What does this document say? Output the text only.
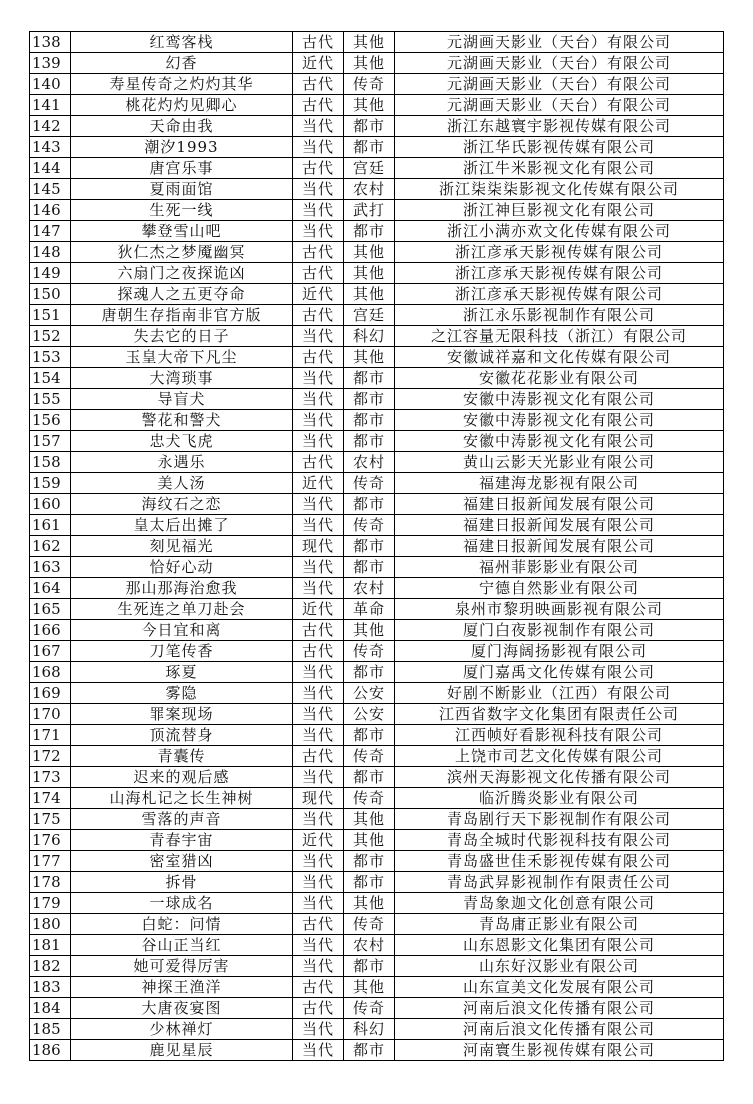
138	红鸾客栈	古代	其他	元湖画天影业（天台）有限公司
139	幻香	近代	其他	元湖画天影业（天台）有限公司
140	寿星传奇之灼灼其华	古代	传奇	元湖画天影业（天台）有限公司
141	桃花灼灼见卿心	古代	其他	元湖画天影业（天台）有限公司
142	天命由我	当代	都市	浙江东越寰宇影视传媒有限公司
143	潮汐1993	当代	都市	浙江华氏影视传媒有限公司
144	唐宫乐事	古代	宫廷	浙江牛米影视文化有限公司
145	夏雨面馆	当代	农村	浙江柒柒柒影视文化传媒有限公司
146	生死一线	当代	武打	浙江神巨影视文化有限公司
147	攀登雪山吧	当代	都市	浙江小满亦欢文化传媒有限公司
148	狄仁杰之梦魇幽冥	古代	其他	浙江彦承天影视传媒有限公司
149	六扇门之夜探诡凶	古代	其他	浙江彦承天影视传媒有限公司
150	探魂人之五更夺命	近代	其他	浙江彦承天影视传媒有限公司
151	唐朝生存指南非官方版	古代	宫廷	浙江永乐影视制作有限公司
152	失去它的日子	当代	科幻	之江容量无限科技（浙江）有限公司
153	玉皇大帝下凡尘	古代	其他	安徽诚祥嘉和文化传媒有限公司
154	大湾琐事	当代	都市	安徽花花影业有限公司
155	导盲犬	当代	都市	安徽中涛影视文化有限公司
156	警花和警犬	当代	都市	安徽中涛影视文化有限公司
157	忠犬飞虎	当代	都市	安徽中涛影视文化有限公司
158	永遇乐	古代	农村	黄山云影天光影业有限公司
159	美人汤	近代	传奇	福建海龙影视有限公司
160	海纹石之恋	当代	都市	福建日报新闻发展有限公司
161	皇太后出摊了	当代	传奇	福建日报新闻发展有限公司
162	刻见福光	现代	都市	福建日报新闻发展有限公司
163	恰好心动	当代	都市	福州菲影影业有限公司
164	那山那海治愈我	当代	农村	宁德自然影业有限公司
165	生死连之单刀赴会	近代	革命	泉州市黎玥映画影视有限公司
166	今日宜和离	古代	其他	厦门白夜影视制作有限公司
167	刀笔传香	古代	传奇	厦门海阔扬影视有限公司
168	琢夏	当代	都市	厦门嘉禹文化传媒有限公司
169	雾隐	当代	公安	好剧不断影业（江西）有限公司
170	罪案现场	当代	公安	江西省数字文化集团有限责任公司
171	顶流替身	当代	都市	江西帧好看影视科技有限公司
172	青囊传	古代	传奇	上饶市司艺文化传媒有限公司
173	迟来的观后感	当代	都市	滨州天海影视文化传播有限公司
174	山海札记之长生神树	现代	传奇	临沂腾炎影业有限公司
175	雪落的声音	当代	其他	青岛剧行天下影视制作有限公司
176	青春宇宙	近代	其他	青岛全城时代影视科技有限公司
177	密室猎凶	当代	都市	青岛盛世佳禾影视传媒有限公司
178	拆骨	当代	都市	青岛武昇影视制作有限责任公司
179	一球成名	当代	其他	青岛象迦文化创意有限公司
180	白蛇：问情	古代	传奇	青岛庸正影业有限公司
181	谷山正当红	当代	农村	山东恩影文化集团有限公司
182	她可爱得厉害	当代	都市	山东好汉影业有限公司
183	神探王渔洋	古代	其他	山东宣美文化发展有限公司
184	大唐夜宴图	古代	传奇	河南后浪文化传播有限公司
185	少林禅灯	当代	科幻	河南后浪文化传播有限公司
186	鹿见星辰	当代	都市	河南寰生影视传媒有限公司
